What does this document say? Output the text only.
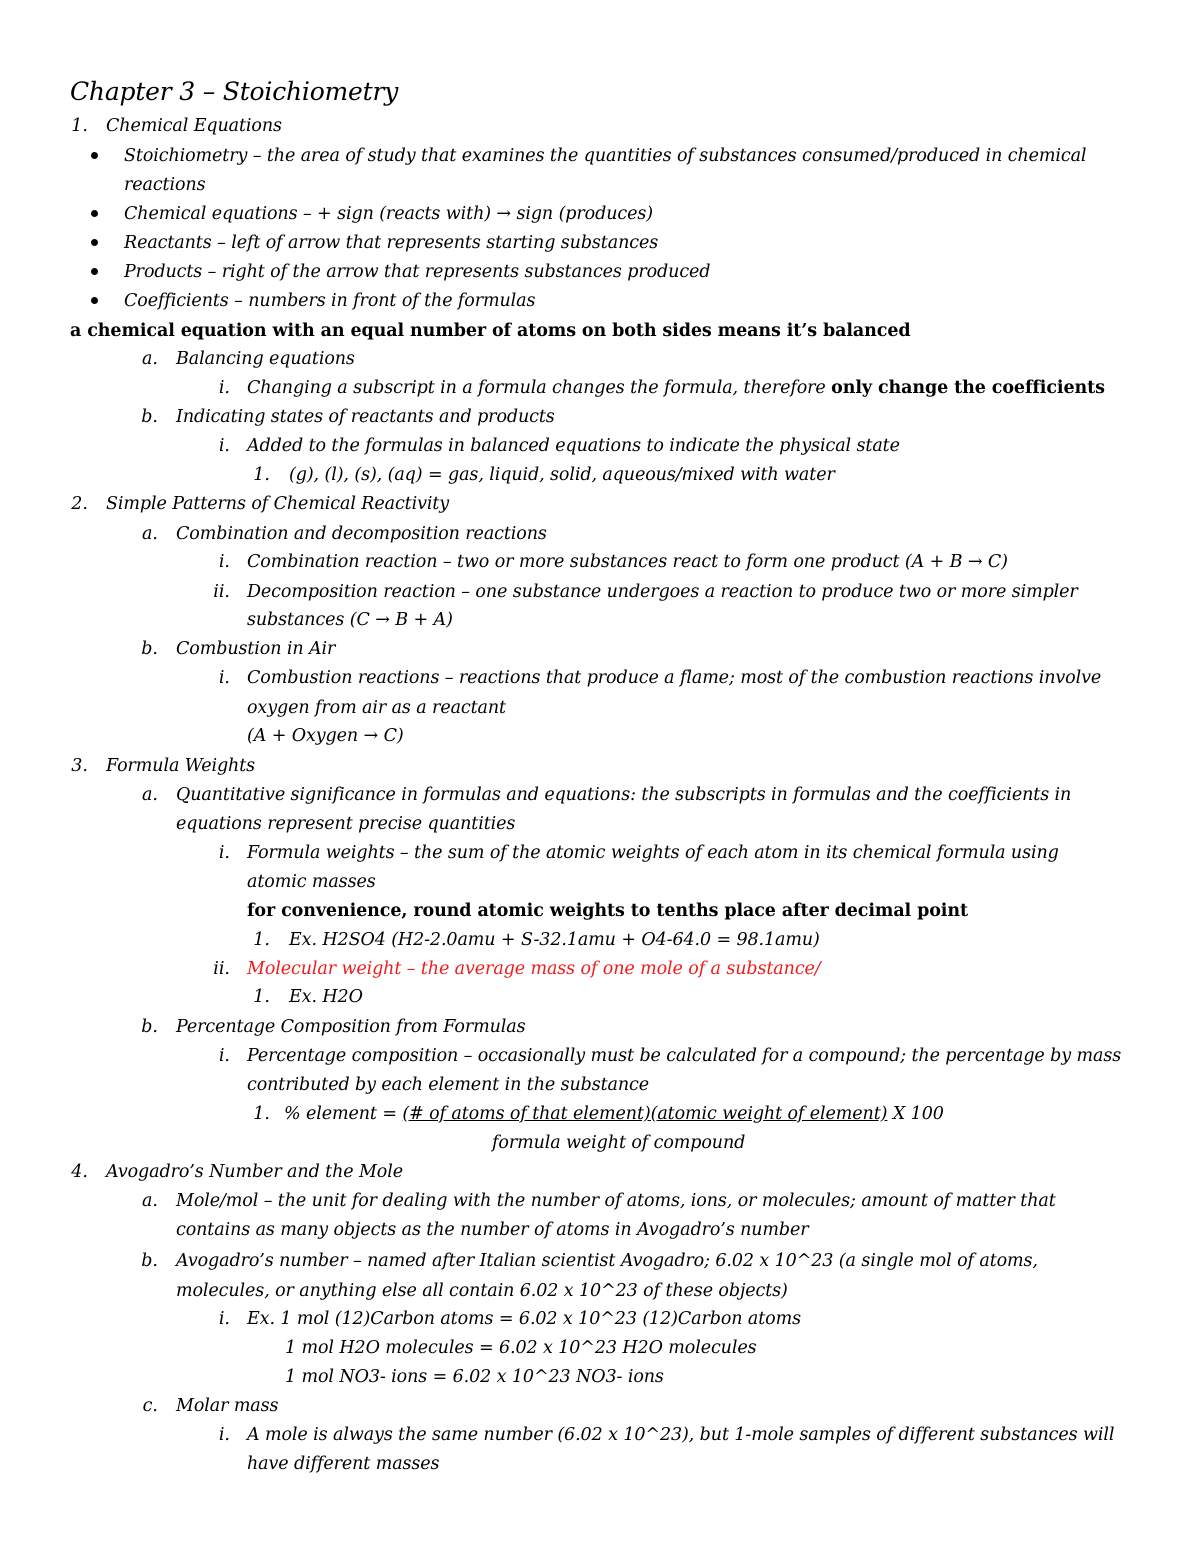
Chapter 3 – Stoichiometry
1. Chemical Equations
Stoichiometry – the area of study that examines the quantities of substances consumed/produced in chemical
reactions
Chemical equations – + sign (reacts with) → sign (produces)
Reactants – left of arrow that represents starting substances
Products – right of the arrow that represents substances produced
Coefficients – numbers in front of the formulas
a chemical equation with an equal number of atoms on both sides means it’s balanced
a. Balancing equations
i. Changing a subscript in a formula changes the formula, therefore only change the coefficients
b. Indicating states of reactants and products
i. Added to the formulas in balanced equations to indicate the physical state
1. (g), (l), (s), (aq) = gas, liquid, solid, aqueous/mixed with water
2. Simple Patterns of Chemical Reactivity
a. Combination and decomposition reactions
i. Combination reaction – two or more substances react to form one product (A + B → C)
ii. Decomposition reaction – one substance undergoes a reaction to produce two or more simpler
substances (C → B + A)
b. Combustion in Air
i. Combustion reactions – reactions that produce a flame; most of the combustion reactions involve
oxygen from air as a reactant
(A + Oxygen → C)
3. Formula Weights
a. Quantitative significance in formulas and equations: the subscripts in formulas and the coefficients in
equations represent precise quantities
i. Formula weights – the sum of the atomic weights of each atom in its chemical formula using
atomic masses
for convenience, round atomic weights to tenths place after decimal point
1. Ex. H2SO4 (H2-2.0amu + S-32.1amu + O4-64.0 = 98.1amu)
ii. Molecular weight – the average mass of one mole of a substance/
1. Ex. H2O
b. Percentage Composition from Formulas
i. Percentage composition – occasionally must be calculated for a compound; the percentage by mass
contributed by each element in the substance
1. % element = (# of atoms of that element)(atomic weight of element) X 100
formula weight of compound
4. Avogadro’s Number and the Mole
a. Mole/mol – the unit for dealing with the number of atoms, ions, or molecules; amount of matter that
contains as many objects as the number of atoms in Avogadro’s number
b. Avogadro’s number – named after Italian scientist Avogadro; 6.02 x 10^23 (a single mol of atoms,
molecules, or anything else all contain 6.02 x 10^23 of these objects)
i. Ex. 1 mol (12)Carbon atoms = 6.02 x 10^23 (12)Carbon atoms
1 mol H2O molecules = 6.02 x 10^23 H2O molecules
1 mol NO3- ions = 6.02 x 10^23 NO3- ions
c. Molar mass
i. A mole is always the same number (6.02 x 10^23), but 1-mole samples of different substances will
have different masses
